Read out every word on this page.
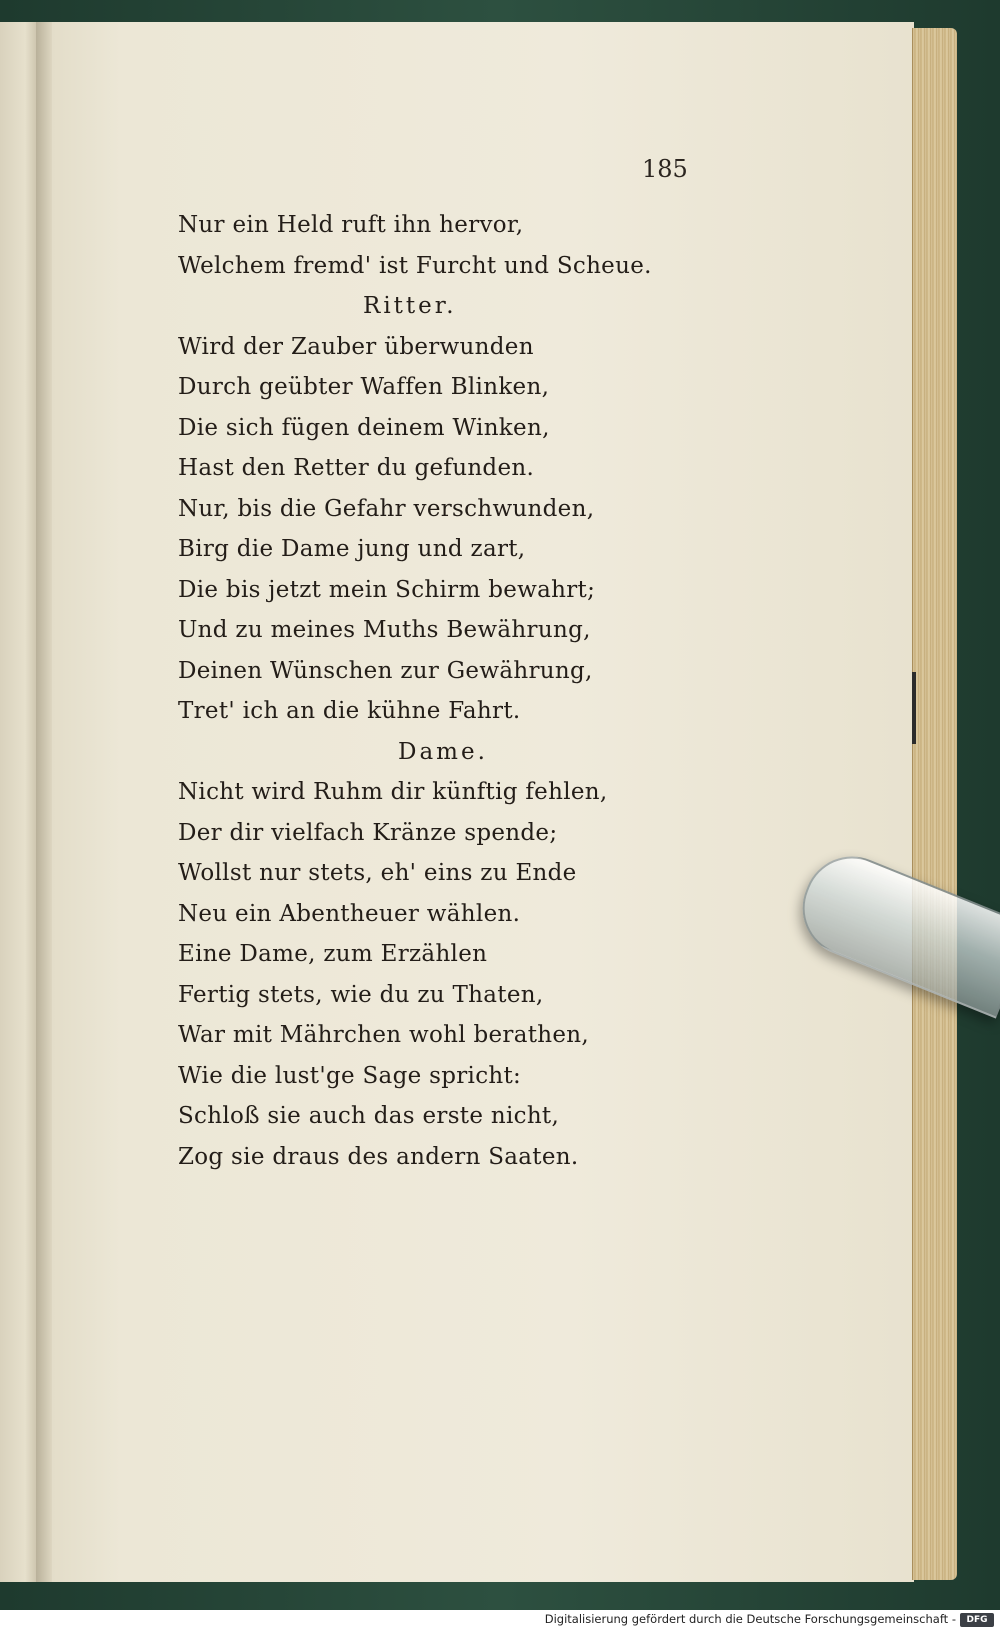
185
Nur ein Held ruft ihn hervor,
Welchem fremd' ist Furcht und Scheue.
Ritter.
Wird der Zauber überwunden
Durch geübter Waffen Blinken,
Die sich fügen deinem Winken,
Hast den Retter du gefunden.
Nur, bis die Gefahr verschwunden,
Birg die Dame jung und zart,
Die bis jetzt mein Schirm bewahrt;
Und zu meines Muths Bewährung,
Deinen Wünschen zur Gewährung,
Tret' ich an die kühne Fahrt.
Dame.
Nicht wird Ruhm dir künftig fehlen,
Der dir vielfach Kränze spende;
Wollst nur stets, eh' eins zu Ende
Neu ein Abentheuer wählen.
Eine Dame, zum Erzählen
Fertig stets, wie du zu Thaten,
War mit Mährchen wohl berathen,
Wie die lust'ge Sage spricht:
Schloß sie auch das erste nicht,
Zog sie draus des andern Saaten.
Digitalisierung gefördert durch die Deutsche Forschungsgemeinschaft -	DFG
